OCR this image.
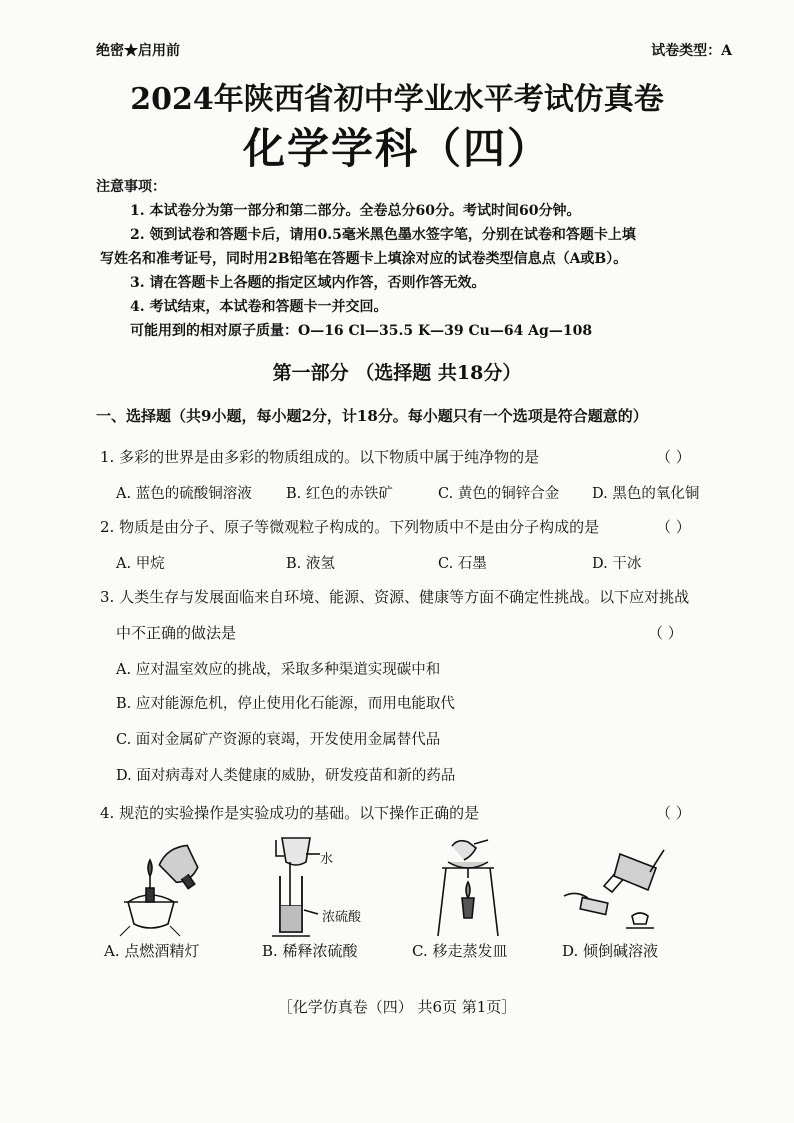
绝密★启用前	试卷类型：A
2024年陕西省初中学业水平考试仿真卷
化学学科（四）
注意事项：
1. 本试卷分为第一部分和第二部分。全卷总分60分。考试时间60分钟。
2. 领到试卷和答题卡后，请用0.5毫米黑色墨水签字笔，分别在试卷和答题卡上填
写姓名和准考证号，同时用2B铅笔在答题卡上填涂对应的试卷类型信息点（A或B）。
3. 请在答题卡上各题的指定区域内作答，否则作答无效。
4. 考试结束，本试卷和答题卡一并交回。
可能用到的相对原子质量：O—16 Cl—35.5 K—39 Cu—64 Ag—108
第一部分 （选择题 共18分）
一、选择题（共9小题，每小题2分，计18分。每小题只有一个选项是符合题意的）
1. 多彩的世界是由多彩的物质组成的。以下物质中属于纯净物的是	（ ）
A. 蓝色的硫酸铜溶液 B. 红色的赤铁矿	C. 黄色的铜锌合金 D. 黑色的氧化铜
2. 物质是由分子、原子等微观粒子构成的。下列物质中不是由分子构成的是	（ ）
A. 甲烷	B. 液氢	C. 石墨	D. 干冰
3. 人类生存与发展面临来自环境、能源、资源、健康等方面不确定性挑战。以下应对挑战
中不正确的做法是	（ ）
A. 应对温室效应的挑战，采取多种渠道实现碳中和
B. 应对能源危机，停止使用化石能源，而用电能取代
C. 面对金属矿产资源的衰竭，开发使用金属替代品
D. 面对病毒对人类健康的威胁，研发疫苗和新的药品
4. 规范的实验操作是实验成功的基础。以下操作正确的是	（ ）
A. 点燃酒精灯
水
浓硫酸
B. 稀释浓硫酸	C. 移走蒸发皿	D. 倾倒碱溶液
［化学仿真卷（四） 共6页 第1页］
